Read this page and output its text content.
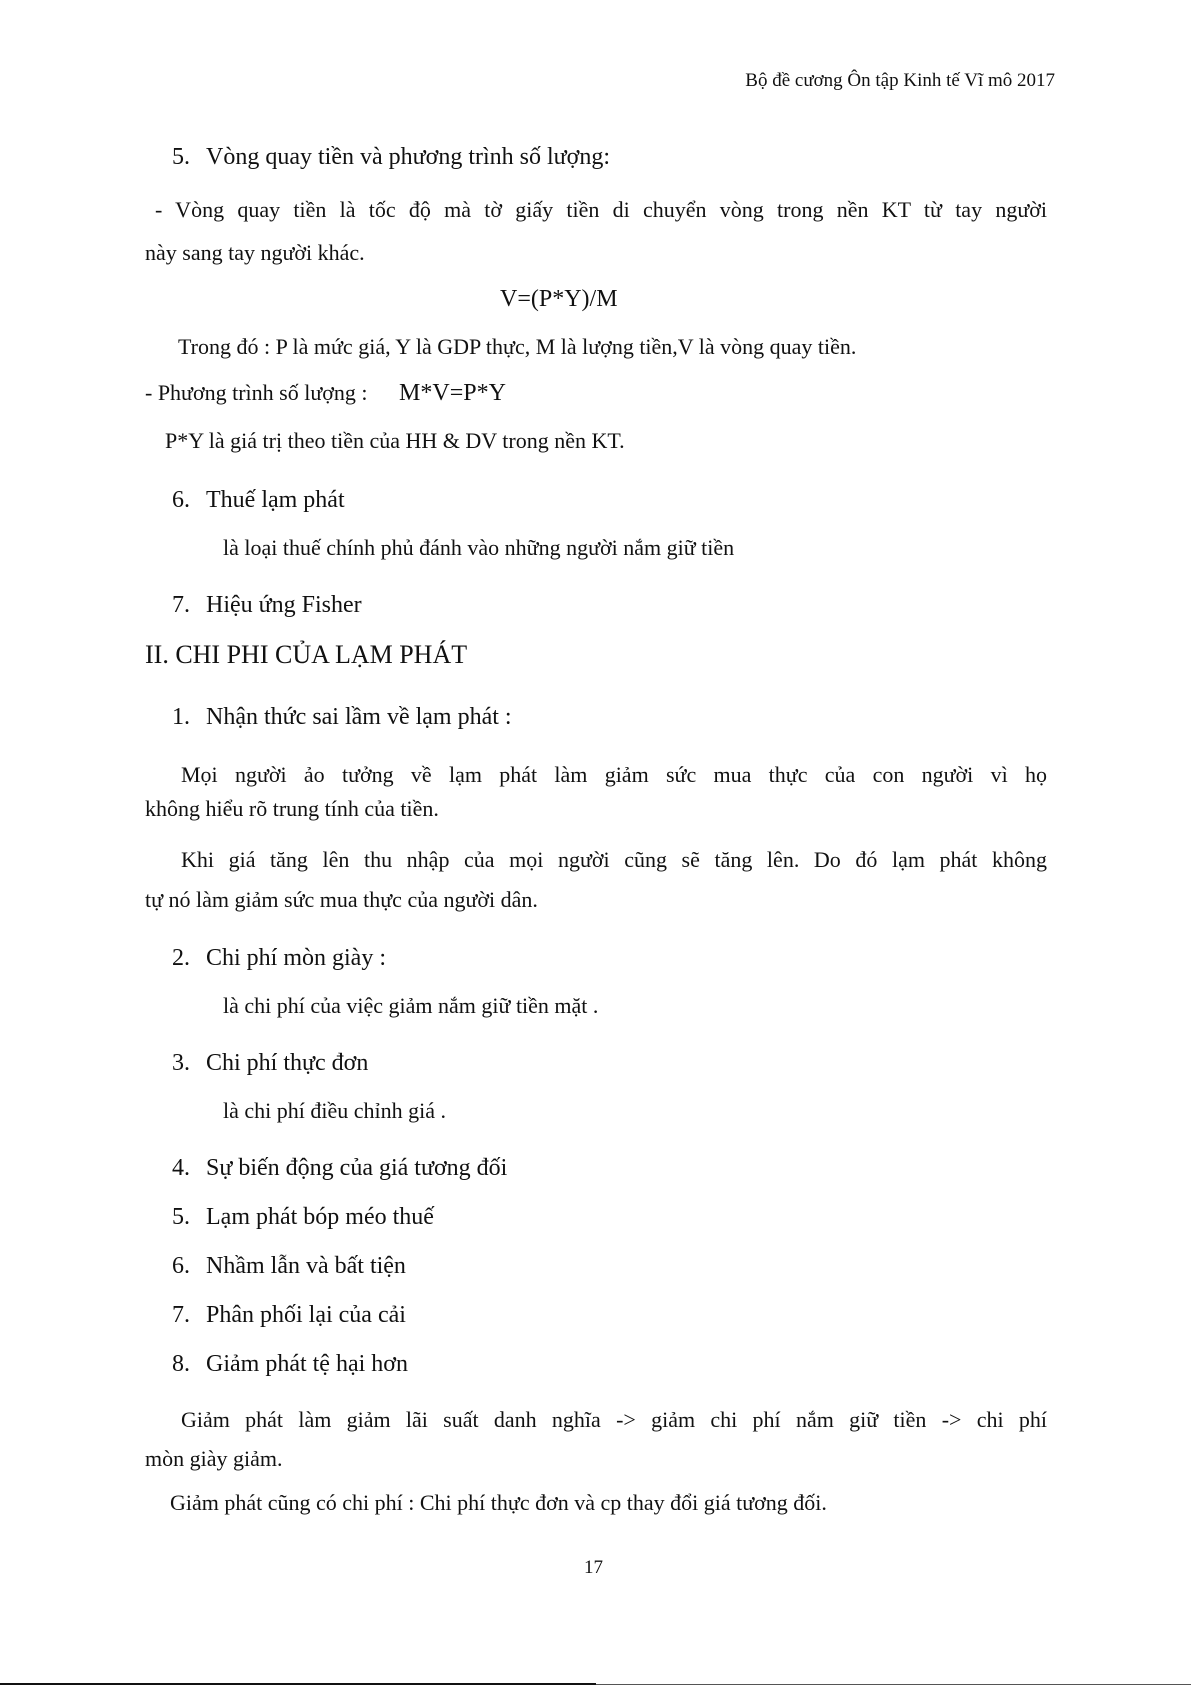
Bộ đề cương Ôn tập Kinh tế Vĩ mô 2017
5. Vòng quay tiền và phương trình số lượng:
- Vòng quay tiền là tốc độ mà tờ giấy tiền di chuyển vòng trong nền KT từ tay người
này sang tay người khác.
V=(P*Y)/M
Trong đó : P là mức giá, Y là GDP thực, M là lượng tiền,V là vòng quay tiền.
- Phương trình số lượng : M*V=P*Y
P*Y là giá trị theo tiền của HH & DV trong nền KT.
6. Thuế lạm phát
là loại thuế chính phủ đánh vào những người nắm giữ tiền
7. Hiệu ứng Fisher
II. CHI PHI CỦA LẠM PHÁT
1. Nhận thức sai lầm về lạm phát :
Mọi người ảo tưởng về lạm phát làm giảm sức mua thực của con người vì họ
không hiểu rõ trung tính của tiền.
Khi giá tăng lên thu nhập của mọi người cũng sẽ tăng lên. Do đó lạm phát không
tự nó làm giảm sức mua thực của người dân.
2. Chi phí mòn giày :
là chi phí của việc giảm nắm giữ tiền mặt .
3. Chi phí thực đơn
là chi phí điều chỉnh giá .
4. Sự biến động của giá tương đối
5. Lạm phát bóp méo thuế
6. Nhầm lẫn và bất tiện
7. Phân phối lại của cải
8. Giảm phát tệ hại hơn
Giảm phát làm giảm lãi suất danh nghĩa -> giảm chi phí nắm giữ tiền -> chi phí
mòn giày giảm.
Giảm phát cũng có chi phí : Chi phí thực đơn và cp thay đổi giá tương đối.
17
